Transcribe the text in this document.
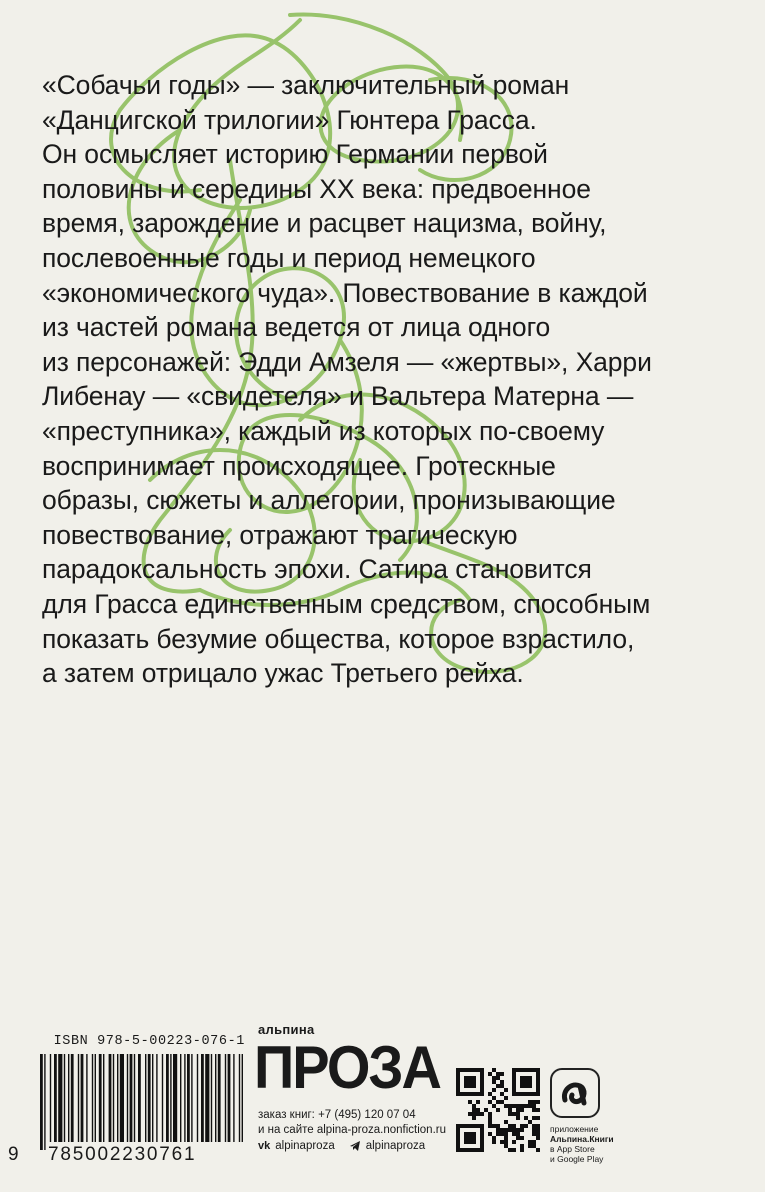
«Собачьи годы» — заключительный роман
«Данцигской трилогии» Гюнтера Грасса.
Он осмысляет историю Германии первой
половины и середины XX века: предвоенное
время, зарождение и расцвет нацизма, войну,
послевоенные годы и период немецкого
«экономического чуда». Повествование в каждой
из частей романа ведется от лица одного
из персонажей: Эдди Амзеля — «жертвы», Харри
Либенау — «свидетеля» и Вальтера Матерна —
«преступника», каждый из которых по-своему
воспринимает происходящее. Гротескные
образы, сюжеты и аллегории, пронизывающие
повествование, отражают трагическую
парадоксальность эпохи. Сатира становится
для Грасса единственным средством, способным
показать безумие общества, которое взрастило,
а затем отрицало ужас Третьего рейха.
ISBN 978-5-00223-076-1
9 785002230761
альпина
ПРОЗА
заказ книг: +7 (495) 120 07 04
и на сайте alpina-proza.nonfiction.ru
vk alpinaproza	alpinaproza
приложение
Альпина.Книги
в App Store
и Google Play
